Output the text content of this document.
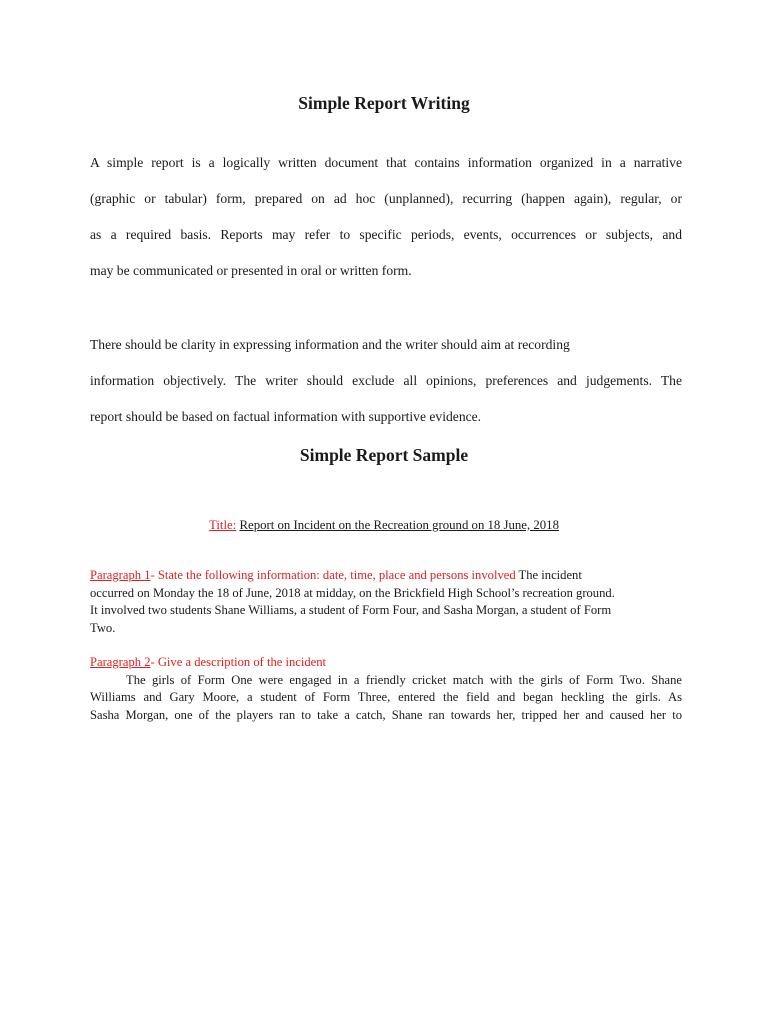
Simple Report Writing
A simple report is a logically written document that contains information organized in a narrative
(graphic or tabular) form, prepared on ad hoc (unplanned), recurring (happen again), regular, or
as a required basis. Reports may refer to specific periods, events, occurrences or subjects, and
may be communicated or presented in oral or written form.
There should be clarity in expressing information and the writer should aim at recording
information objectively. The writer should exclude all opinions, preferences and judgements. The
report should be based on factual information with supportive evidence.
Simple Report Sample
Title: Report on Incident on the Recreation ground on 18 June, 2018
Paragraph 1- State the following information: date, time, place and persons involved The incident
occurred on Monday the 18 of June, 2018 at midday, on the Brickfield High School’s recreation ground.
It involved two students Shane Williams, a student of Form Four, and Sasha Morgan, a student of Form
Two.
Paragraph 2- Give a description of the incident
The girls of Form One were engaged in a friendly cricket match with the girls of Form Two. Shane
Williams and Gary Moore, a student of Form Three, entered the field and began heckling the girls. As
Sasha Morgan, one of the players ran to take a catch, Shane ran towards her, tripped her and caused her to
